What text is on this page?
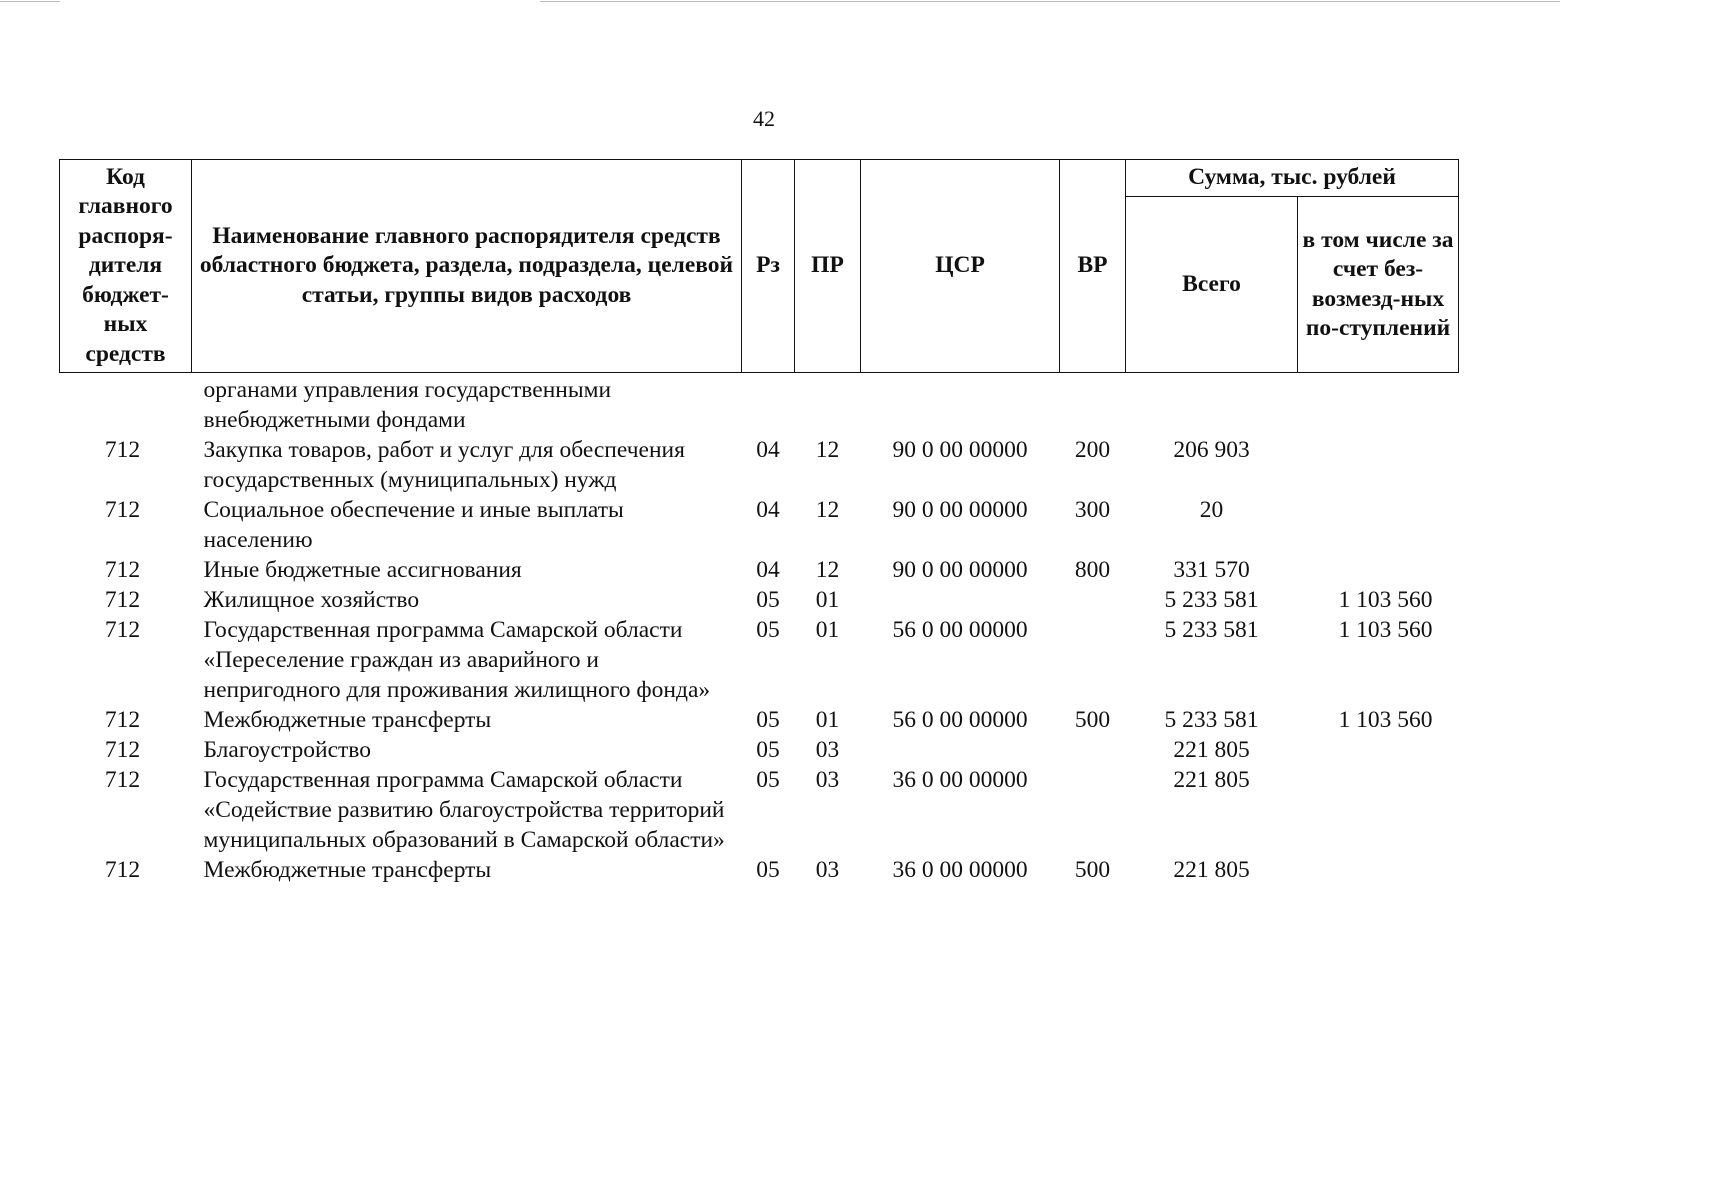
42
Код главного распоря-дителя бюджет-ных средств	Наименование главного распорядителя средств областного бюджета, раздела, подраздела, целевой статьи, группы видов расходов	Рз	ПР	ЦСР	ВР	Сумма, тыс. рублей	
						Всего	в том числе за счет без-возмезд-ных по-ступлений
	органами управления государственными внебюджетными фондами						
712	Закупка товаров, работ и услуг для обеспечения государственных (муниципальных) нужд	04	12	90 0 00 00000	200	206 903	
712	Социальное обеспечение и иные выплаты населению	04	12	90 0 00 00000	300	20	
712	Иные бюджетные ассигнования	04	12	90 0 00 00000	800	331 570	
712	Жилищное хозяйство	05	01			5 233 581	1 103 560
712	Государственная программа Самарской области «Переселение граждан из аварийного и непригодного для проживания жилищного фонда»	05	01	56 0 00 00000		5 233 581	1 103 560
712	Межбюджетные трансферты	05	01	56 0 00 00000	500	5 233 581	1 103 560
712	Благоустройство	05	03			221 805	
712	Государственная программа Самарской области «Содействие развитию благоустройства территорий муниципальных образований в Самарской области»	05	03	36 0 00 00000		221 805	
712	Межбюджетные трансферты	05	03	36 0 00 00000	500	221 805	
